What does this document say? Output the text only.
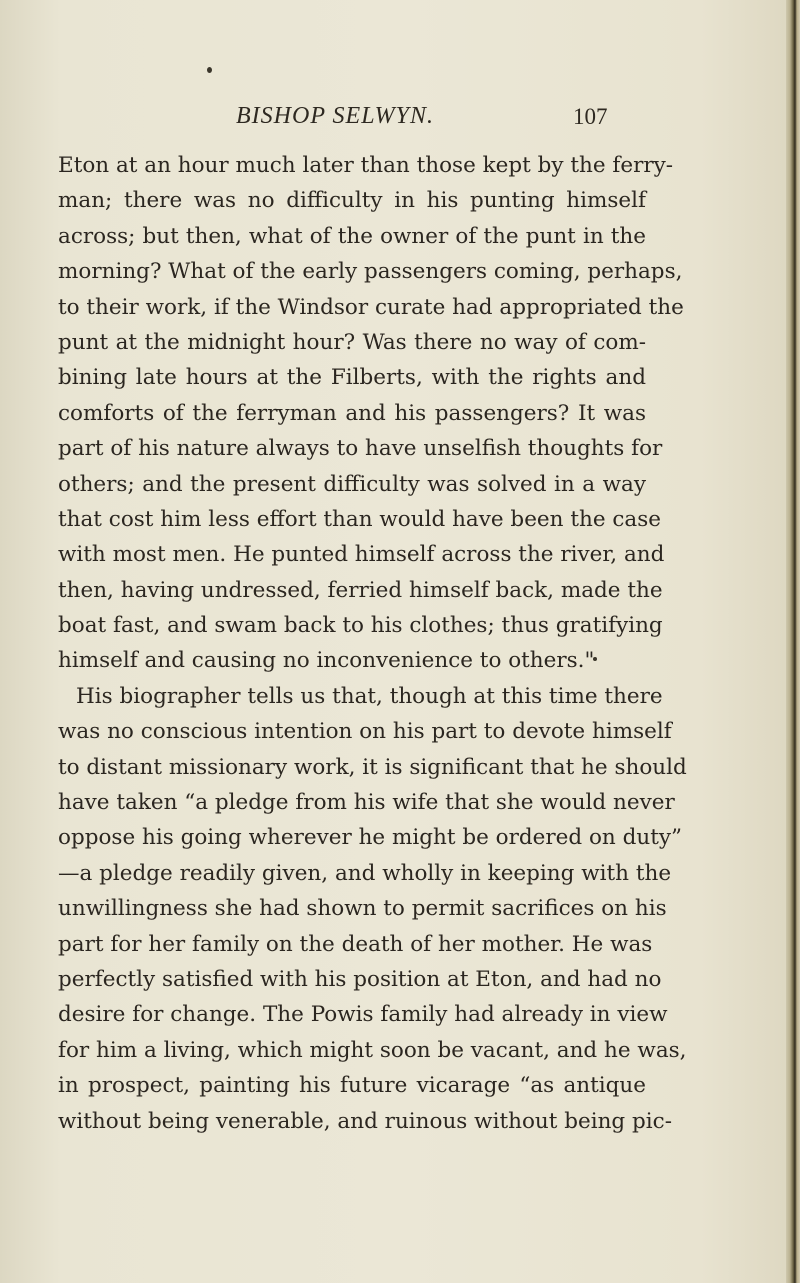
BISHOP SELWYN.	107
Eton at an hour much later than those kept by the ferry-
man; there was no difficulty in his punting himself
across; but then, what of the owner of the punt in the
morning? What of the early passengers coming, perhaps,
to their work, if the Windsor curate had appropriated the
punt at the midnight hour? Was there no way of com-
bining late hours at the Filberts, with the rights and
comforts of the ferryman and his passengers? It was
part of his nature always to have unselfish thoughts for
others; and the present difficulty was solved in a way
that cost him less effort than would have been the case
with most men. He punted himself across the river, and
then, having undressed, ferried himself back, made the
boat fast, and swam back to his clothes; thus gratifying
himself and causing no inconvenience to others."
His biographer tells us that, though at this time there
was no conscious intention on his part to devote himself
to distant missionary work, it is significant that he should
have taken “a pledge from his wife that she would never
oppose his going wherever he might be ordered on duty”
—a pledge readily given, and wholly in keeping with the
unwillingness she had shown to permit sacrifices on his
part for her family on the death of her mother. He was
perfectly satisfied with his position at Eton, and had no
desire for change. The Powis family had already in view
for him a living, which might soon be vacant, and he was,
in prospect, painting his future vicarage “as antique
without being venerable, and ruinous without being pic-
